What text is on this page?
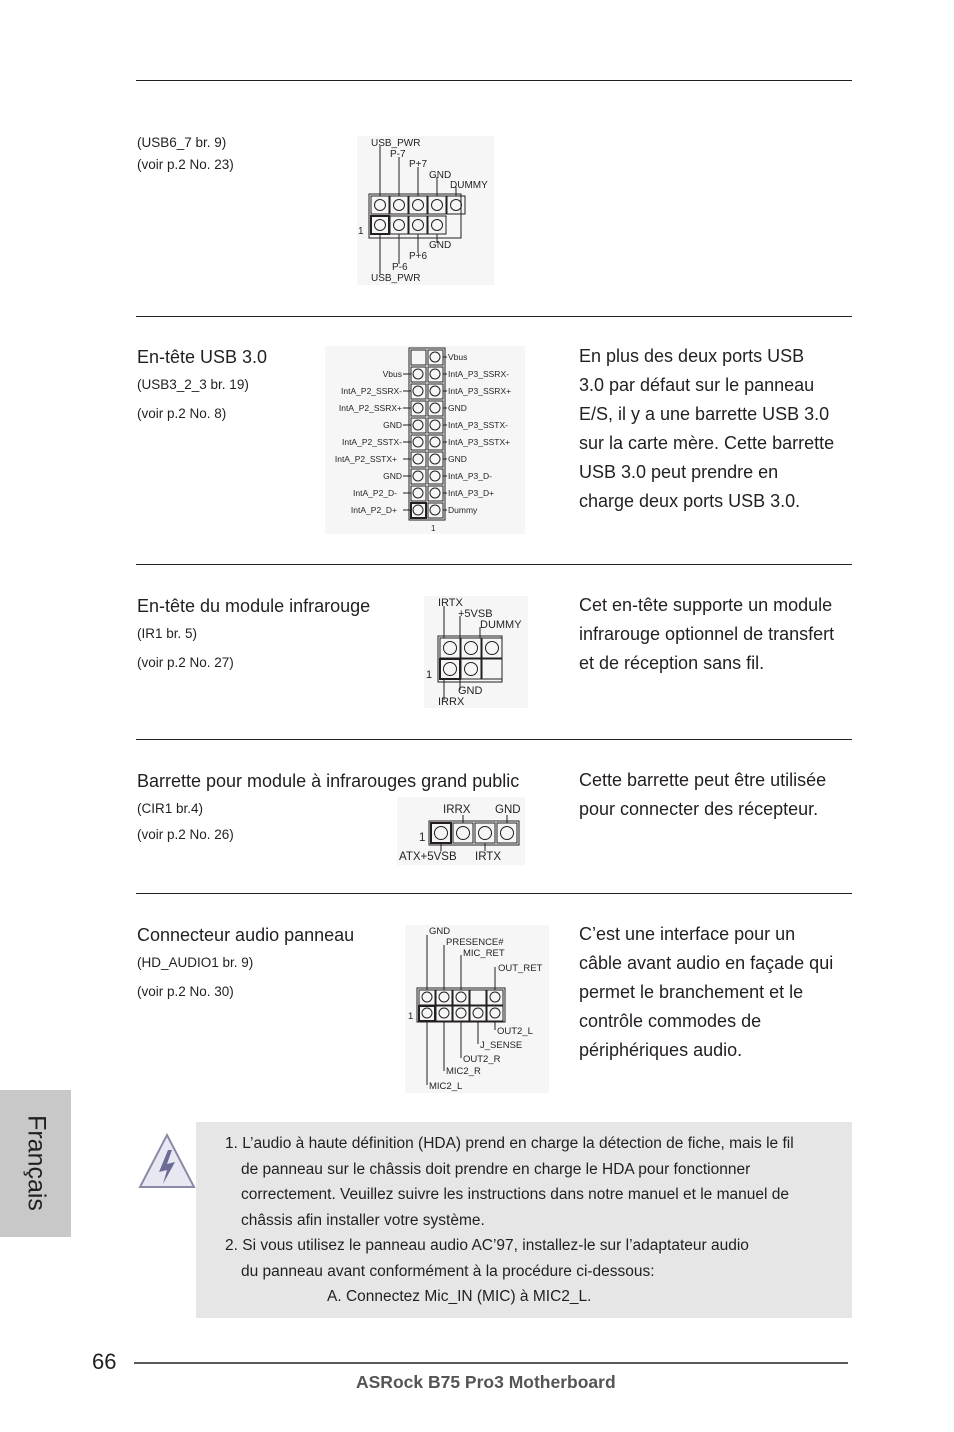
(USB6_7 br. 9)
(voir p.2 No. 23)
USB_PWR
P-7
P+7
GND
DUMMY
GND
P+6
P-6
USB_PWR
1
En-tête USB 3.0
(USB3_2_3 br. 19)
(voir p.2 No. 8)
Vbus
IntA_P2_SSRX-
IntA_P2_SSRX+
GND
IntA_P2_SSTX-
IntA_P2_SSTX+
GND
IntA_P2_D-
IntA_P2_D+
Vbus
IntA_P3_SSRX-
IntA_P3_SSRX+
GND
IntA_P3_SSTX-
IntA_P3_SSTX+
GND
IntA_P3_D-
IntA_P3_D+
Dummy
1
En plus des deux ports USB
3.0 par défaut sur le panneau
E/S, il y a une barrette USB 3.0
sur la carte mère. Cette barrette
USB 3.0 peut prendre en
charge deux ports USB 3.0.
En-tête du module infrarouge
(IR1 br. 5)
(voir p.2 No. 27)
IRTX
+5VSB
DUMMY
GND
IRRX
1
Cet en-tête supporte un module
infrarouge optionnel de transfert
et de réception sans fil.
Barrette pour module à infrarouges grand public
(CIR1 br.4)
(voir p.2 No. 26)
IRRX GND
ATX+5VSB IRTX
1
Cette barrette peut être utilisée
pour connecter des récepteur.
Connecteur audio panneau
(HD_AUDIO1 br. 9)
(voir p.2 No. 30)
GND
PRESENCE#
MIC_RET
OUT_RET
OUT2_L
J_SENSE
OUT2_R
MIC2_R
MIC2_L
1
C’est une interface pour un
câble avant audio en façade qui
permet le branchement et le
contrôle commodes de
périphériques audio.
Français	1. L’audio à haute définition (HDA) prend en charge la détection de fiche, mais le fil
de panneau sur le châssis doit prendre en charge le HDA pour fonctionner
correctement. Veuillez suivre les instructions dans notre manuel et le manuel de
châssis afin installer votre système.
2. Si vous utilisez le panneau audio AC’97, installez-le sur l’adaptateur audio
du panneau avant conformément à la procédure ci-dessous:
A. Connectez Mic_IN (MIC) à MIC2_L.
66
ASRock B75 Pro3 Motherboard
